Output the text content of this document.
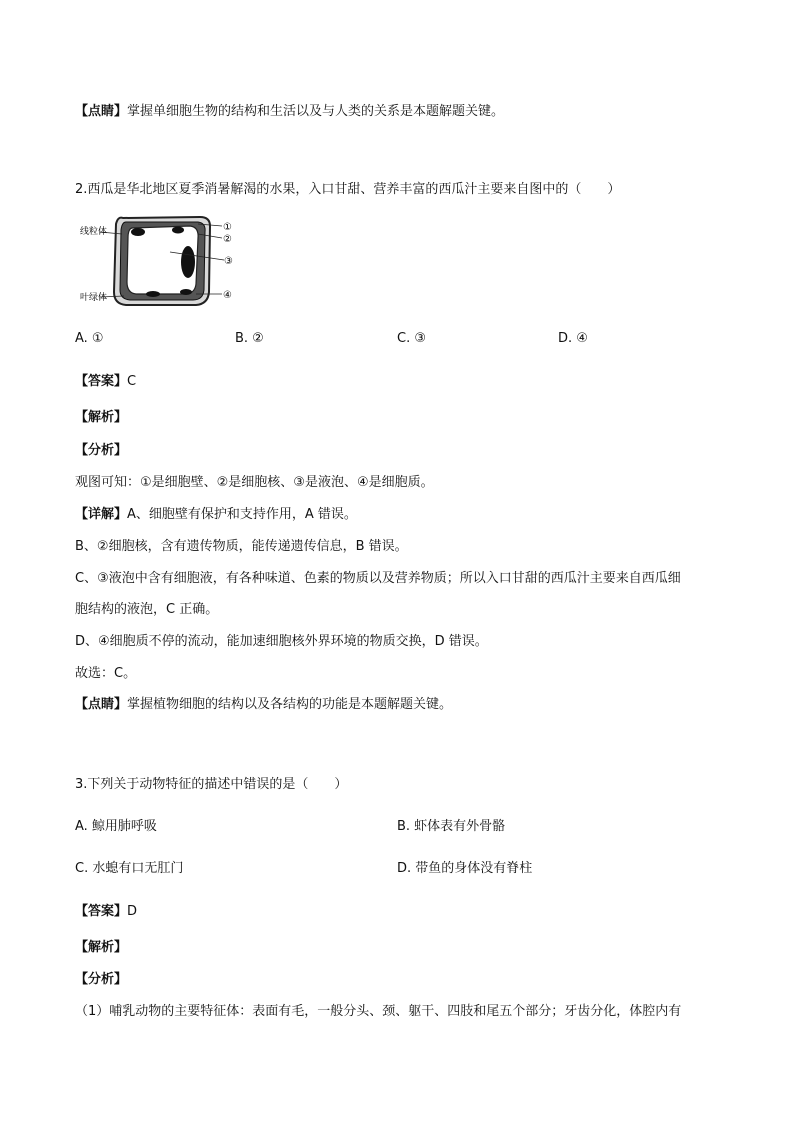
【点睛】掌握单细胞生物的结构和生活以及与人类的关系是本题解题关键。
2.西瓜是华北地区夏季消暑解渴的水果，入口甘甜、营养丰富的西瓜汁主要来自图中的（　　）
线粒体
叶绿体
①
②
③
④
A. ①	B. ②	C. ③	D. ④
【答案】C
【解析】
【分析】
观图可知：①是细胞壁、②是细胞核、③是液泡、④是细胞质。
【详解】A、细胞壁有保护和支持作用，A 错误。
B、②细胞核，含有遗传物质，能传递遗传信息，B 错误。
C、③液泡中含有细胞液，有各种味道、色素的物质以及营养物质；所以入口甘甜的西瓜汁主要来自西瓜细
胞结构的液泡，C 正确。
D、④细胞质不停的流动，能加速细胞核外界环境的物质交换，D 错误。
故选：C。
【点睛】掌握植物细胞的结构以及各结构的功能是本题解题关键。
3.下列关于动物特征的描述中错误的是（　　）
A. 鲸用肺呼吸	B. 虾体表有外骨骼
C. 水螅有口无肛门	D. 带鱼的身体没有脊柱
【答案】D
【解析】
【分析】
（1）哺乳动物的主要特征体：表面有毛，一般分头、颈、躯干、四肢和尾五个部分；牙齿分化，体腔内有
